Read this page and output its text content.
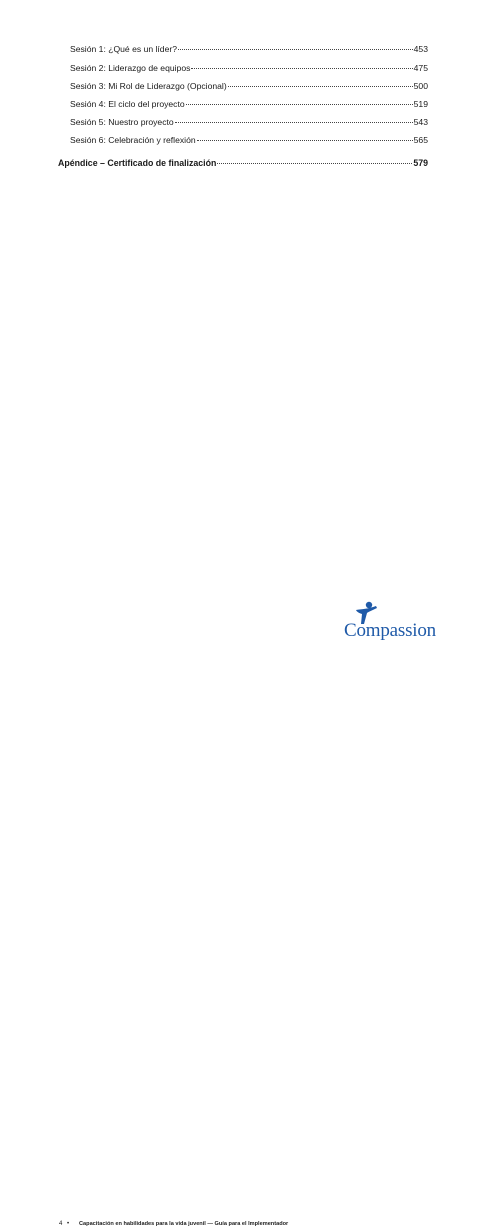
Sesión 1: ¿Qué es un líder?	453
Sesión 2: Liderazgo de equipos	475
Sesión 3: Mi Rol de Liderazgo (Opcional)	500
Sesión 4: El ciclo del proyecto	519
Sesión 5: Nuestro proyecto	543
Sesión 6: Celebración y reflexión	565
Apéndice – Certificado de finalización	579
4 • Capacitación en habilidades para la vida juvenil — Guía para el Implementador
Compassion
